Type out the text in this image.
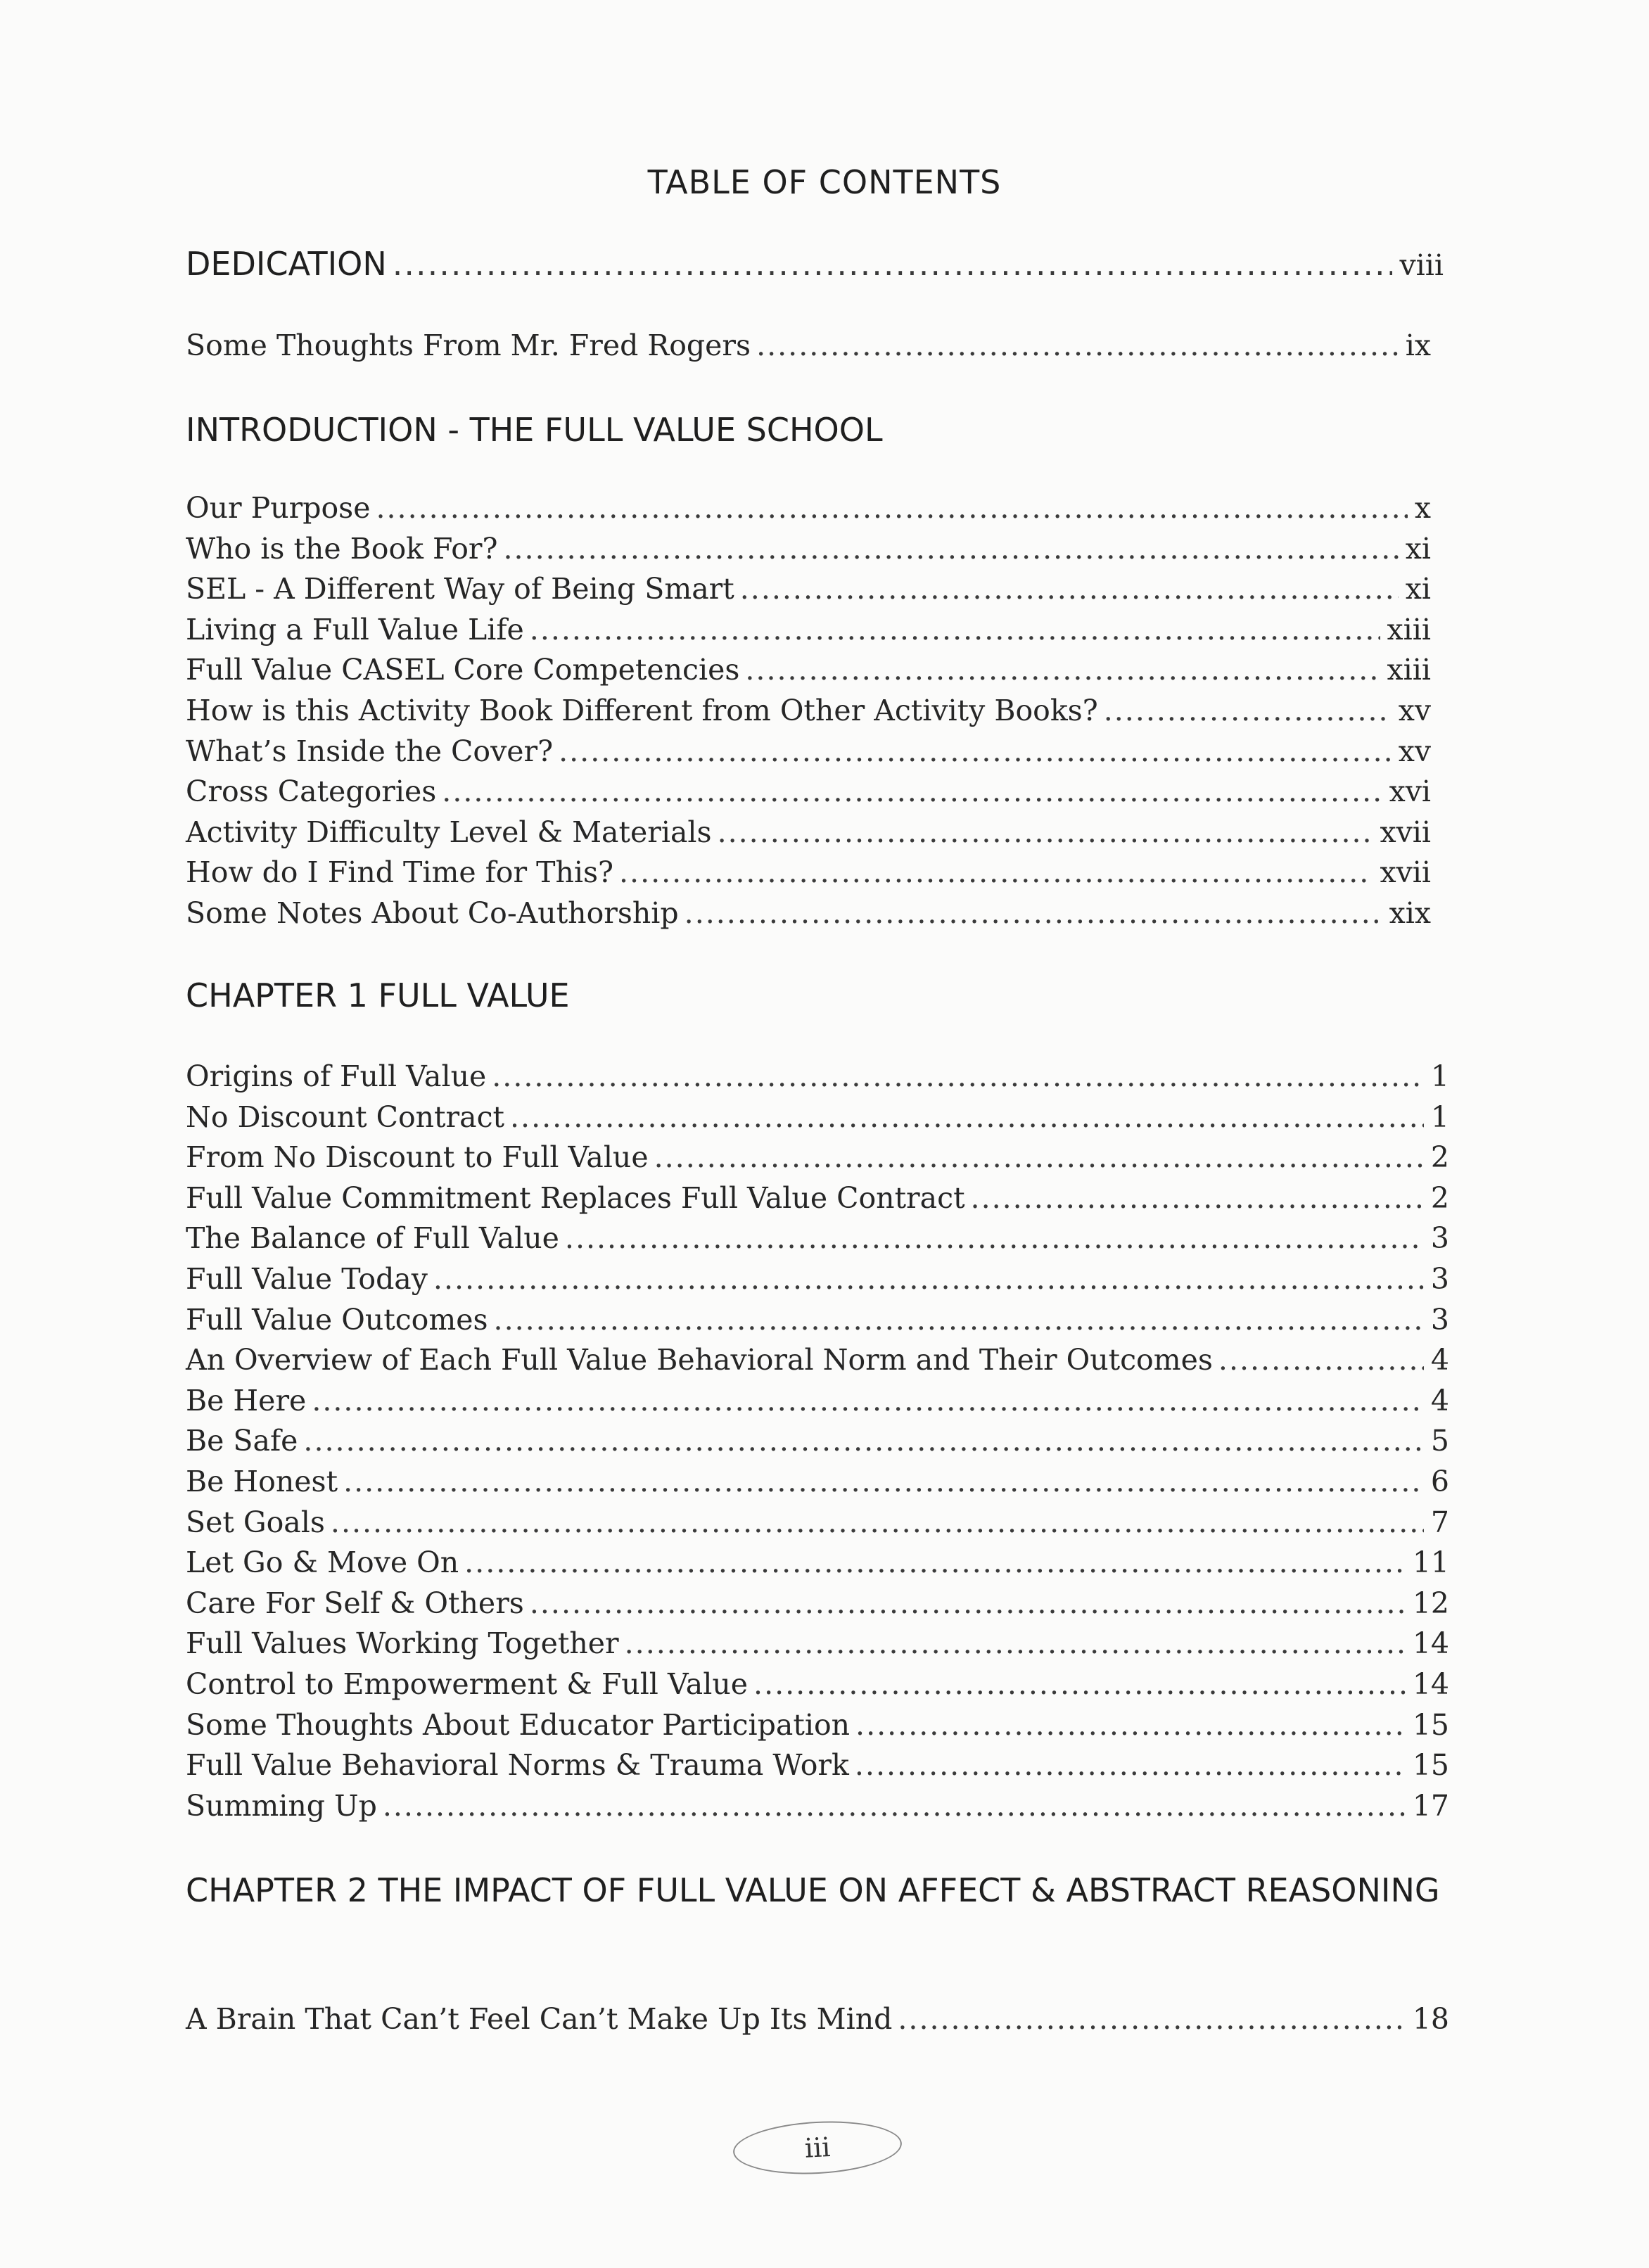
TABLE OF CONTENTS
DEDICATION .....	viii
Some Thoughts From Mr. Fred Rogers .....	ix
INTRODUCTION - THE FULL VALUE SCHOOL
Our Purpose .....	x
Who is the Book For? .....	xi
SEL - A Different Way of Being Smart .....	xi
Living a Full Value Life .....	xiii
Full Value CASEL Core Competencies .....	xiii
How is this Activity Book Different from Other Activity Books? .....	xv
What’s Inside the Cover? .....	xv
Cross Categories .....	xvi
Activity Difficulty Level & Materials .....	xvii
How do I Find Time for This? .....	xvii
Some Notes About Co-Authorship .....	xix
CHAPTER 1 FULL VALUE
Origins of Full Value .....	1
No Discount Contract .....	1
From No Discount to Full Value .....	2
Full Value Commitment Replaces Full Value Contract .....	2
The Balance of Full Value .....	3
Full Value Today .....	3
Full Value Outcomes .....	3
An Overview of Each Full Value Behavioral Norm and Their Outcomes .....	4
Be Here .....	4
Be Safe .....	5
Be Honest .....	6
Set Goals .....	7
Let Go & Move On .....	11
Care For Self & Others .....	12
Full Values Working Together .....	14
Control to Empowerment & Full Value .....	14
Some Thoughts About Educator Participation .....	15
Full Value Behavioral Norms & Trauma Work .....	15
Summing Up .....	17
CHAPTER 2 THE IMPACT OF FULL VALUE ON AFFECT & ABSTRACT REASONING
A Brain That Can’t Feel Can’t Make Up Its Mind .....	18
iii
